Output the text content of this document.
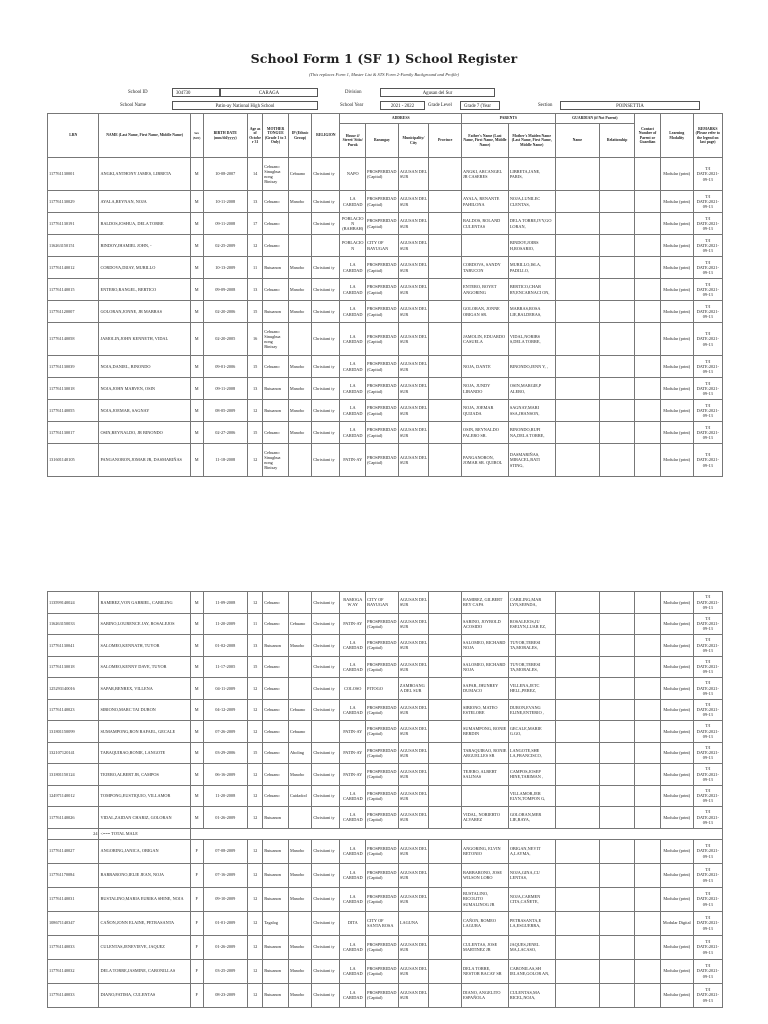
School Form 1 (SF 1) School Register
(This replaces Form 1, Master List & STS Form 2-Family Background and Profile)
School ID	304730	CARAGA	Division	Agusan del Sur
School Name	Patin-ay National High School	School Year	2021 - 2022	Grade Level	Grade 7 (Year	Section	POINSETTIA
LRN	NAME (Last Name, First Name, Middle Name)	Sex (M/F)	BIRTH DATE (mm/dd/yyyy)	Age as of October 31	MOTHER TONGUE (Grade 1 to 3 Only)	IP (Ethnic Group)	RELIGION	ADDRESS				PARENTS		GUARDIAN (if Not Parent)		Contact Number of Parent or Guardian	Learning Modality	REMARKS
(Please refer to the legend on last page)
								House #/ Street/ Sitio/ Purok	Barangay	Municipality/ City	Province	Father's Name (Last Name, First Name, Middle Name)	Mother's Maiden Name (Last Name, First Name, Middle Name)	Name	Relationship			
117761130001	ANGKI,ANTHONY JAMES, LIBRETA	M	10-08-2007	14	Cebuano Sinugbua nong Binisay	Cebuano	Christiani ty	NAPO	PROSPERIDAD (Capital)	AGUSAN DEL SUR		ANGKI, ARCANGEL JR CASERES	LIBRETA,JANE, PARIS,				Modular (print)	T/I DATE:2021-09-13
117761130029	AYALA,REYNAN, NOJA	M	10-11-2008	13	Cebuano	Manobo	Christiani ty	LA CARIDAD	PROSPERIDAD (Capital)	AGUSAN DEL SUR		AYALA, RENANTE PAHILONA	NOJA,LUNILEC CLENTAS,				Modular (print)	T/I DATE:2021-09-13
117761130191	BALDOS,JOSHUA, DELA TORRE	M	09-11-2008	17	Cebuano		Christiani ty	POBLACION (BAHBAH)	PROSPERIDAD (Capital)	AGUSAN DEL SUR		BALDOS, ROLAND CULENTAS	DELA TORRE,IVY,GO LORAN,				Modular (print)	T/I DATE:2021-09-13
116263150151	BINDOY,JHAMIEL JOHN, -	M	02-25-2009	12	Cebuano			POBLACION	CITY OF BAYUGAN	AGUSAN DEL SUR			BINDOY,JOIRS H,ROSARIO,				Modular (print)	T/I DATE:2021-09-13
117761140012	CORDOVA,DIJAY, MURILLO	M	10-13-2009	11	Butuanon	Manobo	Christiani ty	LA CARIDAD	PROSPERIDAD (Capital)	AGUSAN DEL SUR		CORDOVA, SANDY TABUCON	MURILLO,ISLA, PADILLO,				Modular (print)	T/I DATE:2021-09-13
117761140015	ENTERO,RANGEL, BERTICO	M	09-09-2008	13	Cebuano	Manobo	Christiani ty	LA CARIDAD	PROSPERIDAD (Capital)	AGUSAN DEL SUR		ENTERO, BOYET ANGORING	BERTICO,CHAR RY,ENCARNACI ON,				Modular (print)	T/I DATE:2021-09-13
117761120007	GOLORAN,JONNE, JR MABRAS	M	02-20-2006	15	Butuanon	Manobo	Christiani ty	LA CARIDAD	PROSPERIDAD (Capital)	AGUSAN DEL SUR		GOLORAN, JONNE OBIGAN SR.	MABRAS,ROSA LIE,BALDERAS,				Modular (print)	T/I DATE:2021-09-13
117761140058	JAMOLIN,JOHN KENNETH, VIDAL	M	02-20-2005	16	Cebuano Sinugbua nong Binisay		Christiani ty	LA CARIDAD	PROSPERIDAD (Capital)	AGUSAN DEL SUR		JAMOLIN, EDUARDO CASUELA	VIDAL,NORIBS S,DELA TORRE,				Modular (print)	T/I DATE:2021-09-13
117761130039	NOJA,DANIEL, BINONDO	M	09-01-2006	15	Cebuano	Manobo	Christiani ty	LA CARIDAD	PROSPERIDAD (Capital)	AGUSAN DEL SUR		NOJA, DANTE	BINONDO,JENN Y, ,				Modular (print)	T/I DATE:2021-09-13
117761130018	NOJA,JOHN MARVEN, OSIN	M	09-11-2008	13	Butuanon	Manobo	Christiani ty	LA CARIDAD	PROSPERIDAD (Capital)	AGUSAN DEL SUR		NOJA, JUNDY LIBANDO	OSIN,MARGIE,P ALERO,				Modular (print)	T/I DATE:2021-09-13
117761140055	NOJA,JOEMAR, SAGNAY	M	08-05-2009	12	Butuanon	Manobo	Christiani ty	LA CARIDAD	PROSPERIDAD (Capital)	AGUSAN DEL SUR		NOJA, JOEMAR QUIJADA	SAGNAY,MARI SSA,JHANSON,				Modular (print)	T/I DATE:2021-09-13
117761130017	OSIN,REYNALDO, JR BINONDO	M	02-27-2006	15	Cebuano	Manobo	Christiani ty	LA CARIDAD	PROSPERIDAD (Capital)	AGUSAN DEL SUR		OSIN, REYNALDO PALERO SR.	BINONDO,RUFI NA,DELA TORRE,				Modular (print)	T/I DATE:2021-09-13
131601140105	PANGANORON,JOMAR JR, DASMARIÑAS	M	11-18-2008	12	Cebuano Sinugbua nong Binisay		Christiani ty	PATIN-AY	PROSPERIDAD (Capital)	AGUSAN DEL SUR		PANGANORON, JOMAR SR. QUIROL	DASMARIÑAS, MIRACEL,BATI STING,				Modular (print)	T/I DATE:2021-09-13
113599140024	RAMIREZ,VON GABRIEL, CABILING	M	11-09-2008	12	Cebuano		Christiani ty	BAMOGAW AY	CITY OF BAYUGAN	AGUSAN DEL SUR		RAMIREZ, GILBERT REY CAPA	CABILING,MAR LYN,SEPADA,				Modular (print)	T/I DATE:2021-09-13
116263150033	SABINO,LOURENCE JAY, ROSALEJOS	M	11-20-2009	11	Cebuano	Cebuano	Christiani ty	PATIN-AY	PROSPERIDAD (Capital)	AGUSAN DEL SUR		SABINO, JOYBOLD ACOSIDO	ROSALEJOS,JU ESELYN,LUAR EZ,				Modular (print)	T/I DATE:2021-09-13
117761130041	SALOMEO,KENNATH, TUYOR	M	01-02-2008	13	Butuanon	Manobo	Christiani ty	LA CARIDAD	PROSPERIDAD (Capital)	AGUSAN DEL SUR		SALOMEO, RICHARD NOJA	TUYOR,TERESI TA,MORALES,				Modular (print)	T/I DATE:2021-09-13
117761130018	SALOMEO,KENNY DAVE, TUYOR	M	11-17-2005	15	Cebuano		Christiani ty	LA CARIDAD	PROSPERIDAD (Capital)	AGUSAN DEL SUR		SALOMEO, RICHARD NOJA	TUYOR,TERESI TA,MORALES,				Modular (print)	T/I DATE:2021-09-13
125293140016	SAPAR,BENREX, VILLENA	M	04-11-2009	12	Cebuano		Christiani ty	COLOSO	PITOGO	ZAMBOANGA DEL SUR		SAPAR, JHUNREY DUMACO	VILLENA,JETC HELL,PEREZ,				Modular (print)	T/I DATE:2021-09-13
117761140023	SIBIONO,MARC TAI DURON	M	04-12-2009	12	Cebuano	Cebuano	Christiani ty	LA CARIDAD	PROSPERIDAD (Capital)	AGUSAN DEL SUR		SIBIONO, MATEO ESTELORE	DURON,EVANG ELINE,ENTERIO ,				Modular (print)	T/I DATE:2021-09-13
131801150099	SUMAMPONG,RON RAFAEL, GECALE	M	07-26-2009	12	Cebuano	Cebuano		PATIN-AY	PROSPERIDAD (Capital)	AGUSAN DEL SUR		SUMAMPONG, RONIE BERDIN	GECALE,MARIE G.GO,				Modular (print)	T/I DATE:2021-09-13
132107120141	TABAQUIRAO,RONIE, LANGOTE	M	03-29-2006	15	Cebuano	Aboling	Christiani ty	PATIN-AY	PROSPERIDAD (Capital)	AGUSAN DEL SUR		TABAQUIRAO, RONIE ARGUELLES SR	LANGOTE,SHE LA,FRANCISCO,				Modular (print)	T/I DATE:2021-09-13
131801150124	TEJERO,ALBERT JR, CAMPOS	M	06-16-2009	12	Cebuano	Manobo	Christiani ty	PATIN-AY	PROSPERIDAD (Capital)	AGUSAN DEL SUR		TEJERO, ALBERT SALINAS	CAMPOS,JOSEP HINE,TARIMAN ,				Modular (print)	T/I DATE:2021-09-13
124971140012	TOMPONG,EUSTIQUIO, VILLAMOR	M	11-20-2008	12	Cebuano	Cuidadod	Christiani ty	LA CARIDAD	PROSPERIDAD (Capital)	AGUSAN DEL SUR			VILLAMOR,JER ELYN,TOMPON G,				Modular (print)	T/I DATE:2021-09-13
117761140026	VIDAL,ZAIDAN CHARIZ, GOLORAN	M	01-26-2009	12	Butuanon		Christiani ty	LA CARIDAD	PROSPERIDAD (Capital)	AGUSAN DEL SUR		VIDAL, NORIERTO ALVAREZ	GOLORAN,MER LIE,RAYA,				Modular (print)	T/I DATE:2021-09-13
24	<=== TOTAL MALE																	
117761140027	ANGORING,JANICA, OBIGAN	F	07-08-2009	12	Butuanon	Manobo	Christiani ty	LA CARIDAD	PROSPERIDAD (Capital)	AGUSAN DEL SUR		ANGORING, ELVIN BETONIO	OBIGAN,NEVIT A,LAYMA,				Modular (print)	T/I DATE:2021-09-13
117761170084	BARBARONO,IELIE JEAN, NOJA	F	07-16-2009	12	Butuanon	Manobo	Christiani ty	LA CARIDAD	PROSPERIDAD (Capital)	AGUSAN DEL SUR		BARBARONO, JOSE WILSON LORO	NOJA,GINA,CU LENTAS,				Modular (print)	T/I DATE:2021-09-13
117761140031	BUSTALINO,MARIA EURIKA SHINE, NOJA	F	09-10-2009	12	Butuanon	Manobo	Christiani ty	LA CARIDAD	PROSPERIDAD (Capital)	AGUSAN DEL SUR		BUSTALINO, RICOLITO SUMALINOG JR	NOJA,CARMEN CITA,CAÑETE,				Modular (print)	T/I DATE:2021-09-13
108671140347	CAÑON,JONN ELAINE, PETRASANTA	F	01-01-2009	12	Tagalog		Christiani ty	DITA	CITY OF SANTA ROSA	LAGUNA		CAÑON, ROMEO LAGURA	PETRASANTA,E LA,ESGUERRA,				Modular Digital	T/I DATE:2021-09-13
117761140033	CULENTAS,JENEVIEVE, JAQUEZ	F	01-26-2009	12	Butuanon	Manobo	Christiani ty	LA CARIDAD	PROSPERIDAD (Capital)	AGUSAN DEL SUR		CULENTAS, JOSE MARTINEZ JR	JAQUES,JENEL MA,LACASO,				Modular (print)	T/I DATE:2021-09-13
117761140032	DELA TORRE,JASMINE, CABONILLAS	F	03-25-2009	12	Butuanon	Manobo	Christiani ty	LA CARIDAD	PROSPERIDAD (Capital)	AGUSAN DEL SUR		DELA TORRE, NESTOR BACAY SR	CABONILAS,SH IELANE,GOLOR AN,				Modular (print)	T/I DATE:2021-09-13
117761140033	DIANO,FATIMA, CULENTAS	F	08-23-2009	12	Butuanon	Manobo	Christiani ty	LA CARIDAD	PROSPERIDAD (Capital)	AGUSAN DEL SUR		DIANO, ANGELITO ESPAÑOLA	CULENTAS,MA RICEL,NOJA,				Modular (print)	T/I DATE:2021-09-13
